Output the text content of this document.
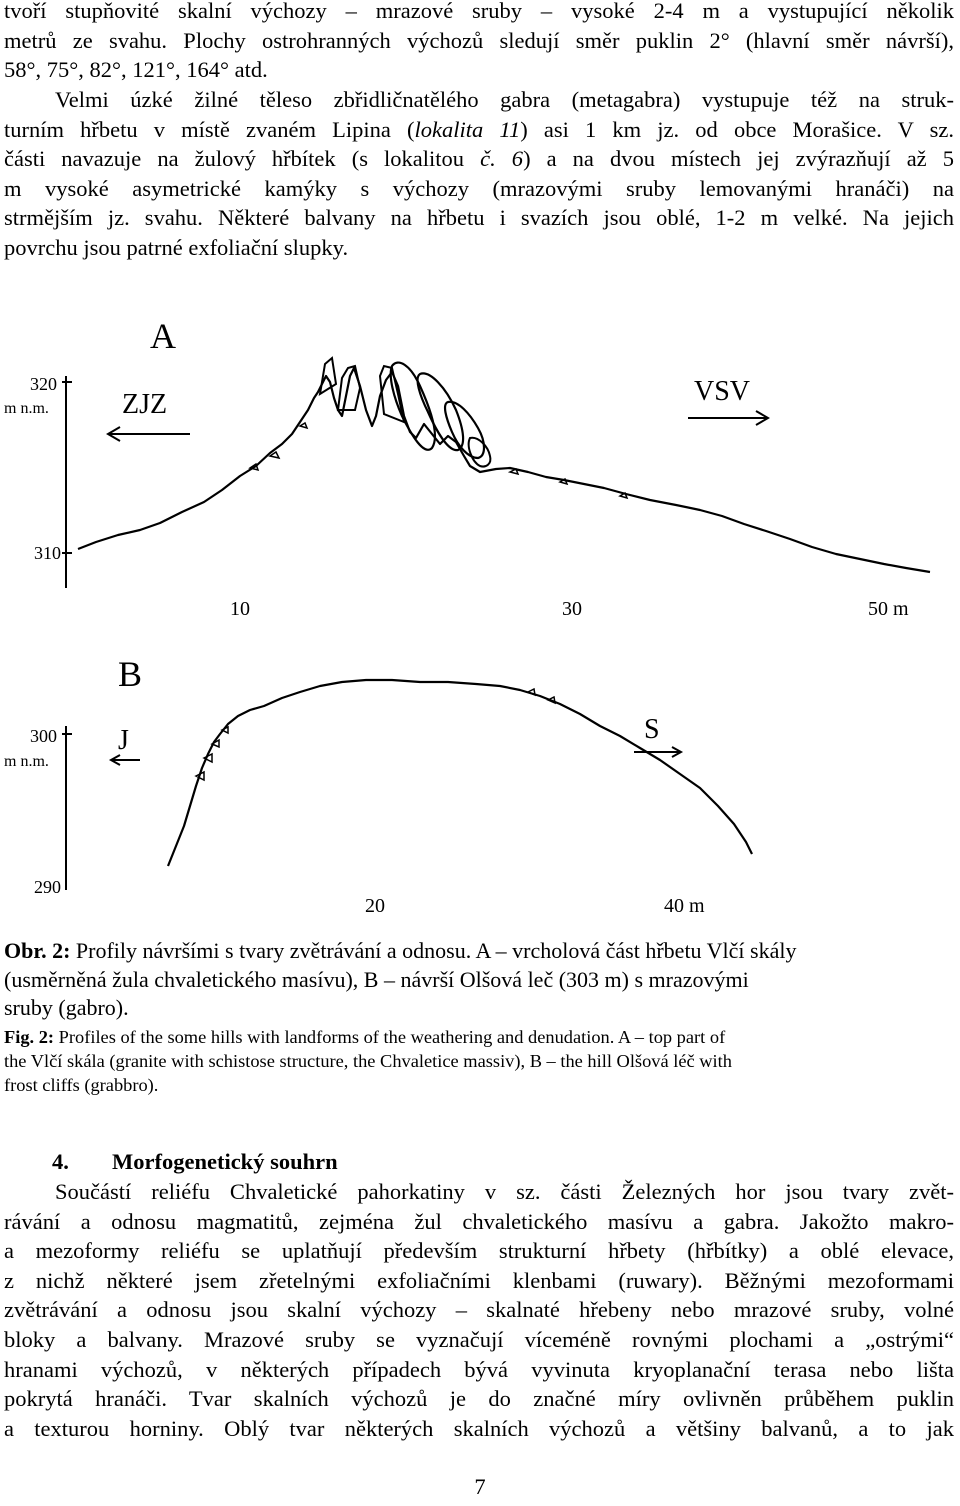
tvoří stupňovité skalní výchozy – mrazové sruby – vysoké 2-4 m a vystupující několik
metrů ze svahu. Plochy ostrohranných výchozů sledují směr puklin 2° (hlavní směr návrší),
58°, 75°, 82°, 121°, 164° atd.

Velmi úzké žilné těleso zbřidličnatělého gabra (metagabra) vystupuje též na struk-
turním hřbetu v místě zvaném Lipina (lokalita 11) asi 1 km jz. od obce Morašice. V sz.
části navazuje na žulový hřbítek (s lokalitou č. 6) a na dvou místech jej zvýrazňují až 5
m vysoké asymetrické kamýky s výchozy (mrazovými sruby lemovanými hranáči) na
strmějším jz. svahu. Některé balvany na hřbetu i svazích jsou oblé, 1-2 m velké. Na jejich
povrchu jsou patrné exfoliační slupky.

A
320
m n.m.
310
10	30	50 m
ZJZ	VSV
B
300
m n.m.
290
20	40 m
J	S

Obr. 2: Profily návršími s tvary zvětrávání a odnosu. A – vrcholová část hřbetu Vlčí skály
(usměrněná žula chvaletického masívu), B – návrší Olšová leč (303 m) s mrazovými
sruby (gabro).

Fig. 2: Profiles of the some hills with landforms of the weathering and denudation. A – top part of
the Vlčí skála (granite with schistose structure, the Chvaletice massiv), B – the hill Olšová léč with
frost cliffs (grabbro).

4. Morfogenetický souhrn

Součástí reliéfu Chvaletické pahorkatiny v sz. části Železných hor jsou tvary zvět-
rávání a odnosu magmatitů, zejména žul chvaletického masívu a gabra. Jakožto makro-
a mezoformy reliéfu se uplatňují především strukturní hřbety (hřbítky) a oblé elevace,
z nichž některé jsem zřetelnými exfoliačními klenbami (ruwary). Běžnými mezoformami
zvětrávání a odnosu jsou skalní výchozy – skalnaté hřebeny nebo mrazové sruby, volné
bloky a balvany. Mrazové sruby se vyznačují víceméně rovnými plochami a „ostrými“
hranami výchozů, v některých případech bývá vyvinuta kryoplanační terasa nebo lišta
pokrytá hranáči. Tvar skalních výchozů je do značné míry ovlivněn průběhem puklin
a texturou horniny. Oblý tvar některých skalních výchozů a většiny balvanů, a to jak

7
